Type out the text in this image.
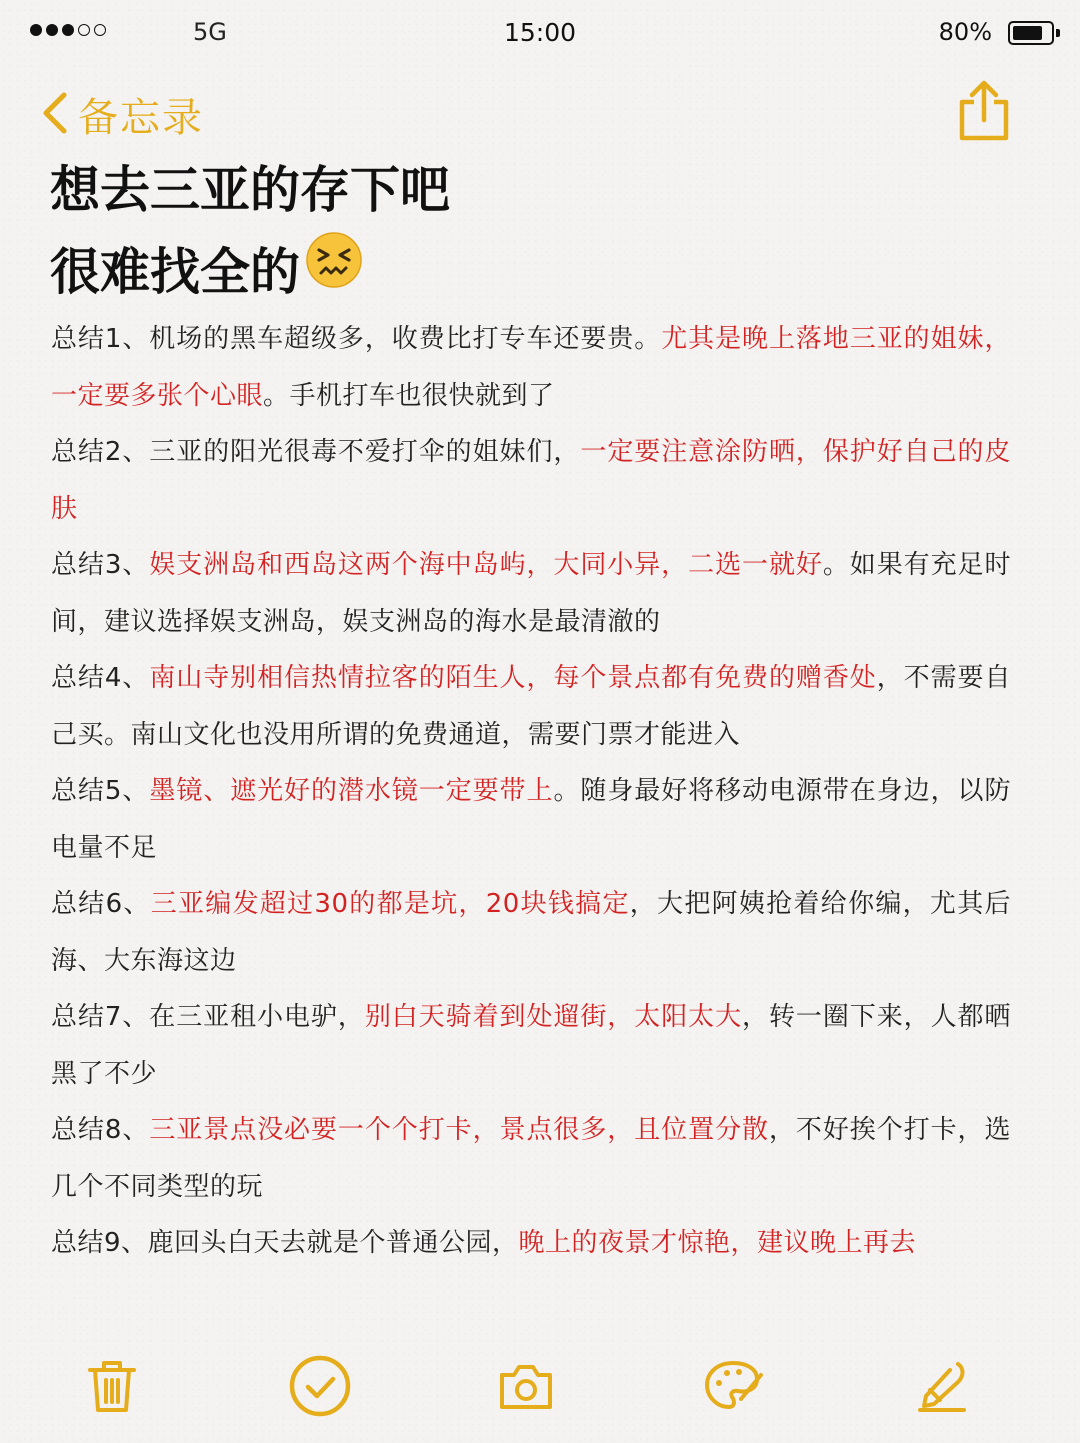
5G	15:00	80%
备忘录
想去三亚的存下吧
很难找全的
总结1、机场的黑车超级多，收费比打专车还要贵。尤其是晚上落地三亚的姐妹，一定要多张个心眼。手机打车也很快就到了
总结2、三亚的阳光很毒不爱打伞的姐妹们，一定要注意涂防晒，保护好自己的皮肤
总结3、娱支洲岛和西岛这两个海中岛屿，大同小异，二选一就好。如果有充足时间，建议选择娱支洲岛，娱支洲岛的海水是最清澈的
总结4、南山寺别相信热情拉客的陌生人，每个景点都有免费的赠香处，不需要自己买。南山文化也没用所谓的免费通道，需要门票才能进入
总结5、墨镜、遮光好的潜水镜一定要带上。随身最好将移动电源带在身边，以防电量不足
总结6、三亚编发超过30的都是坑，20块钱搞定，大把阿姨抢着给你编，尤其后海、大东海这边
总结7、在三亚租小电驴，别白天骑着到处遛街，太阳太大，转一圈下来，人都晒黑了不少
总结8、三亚景点没必要一个个打卡，景点很多，且位置分散，不好挨个打卡，选几个不同类型的玩
总结9、鹿回头白天去就是个普通公园，晚上的夜景才惊艳，建议晚上再去
